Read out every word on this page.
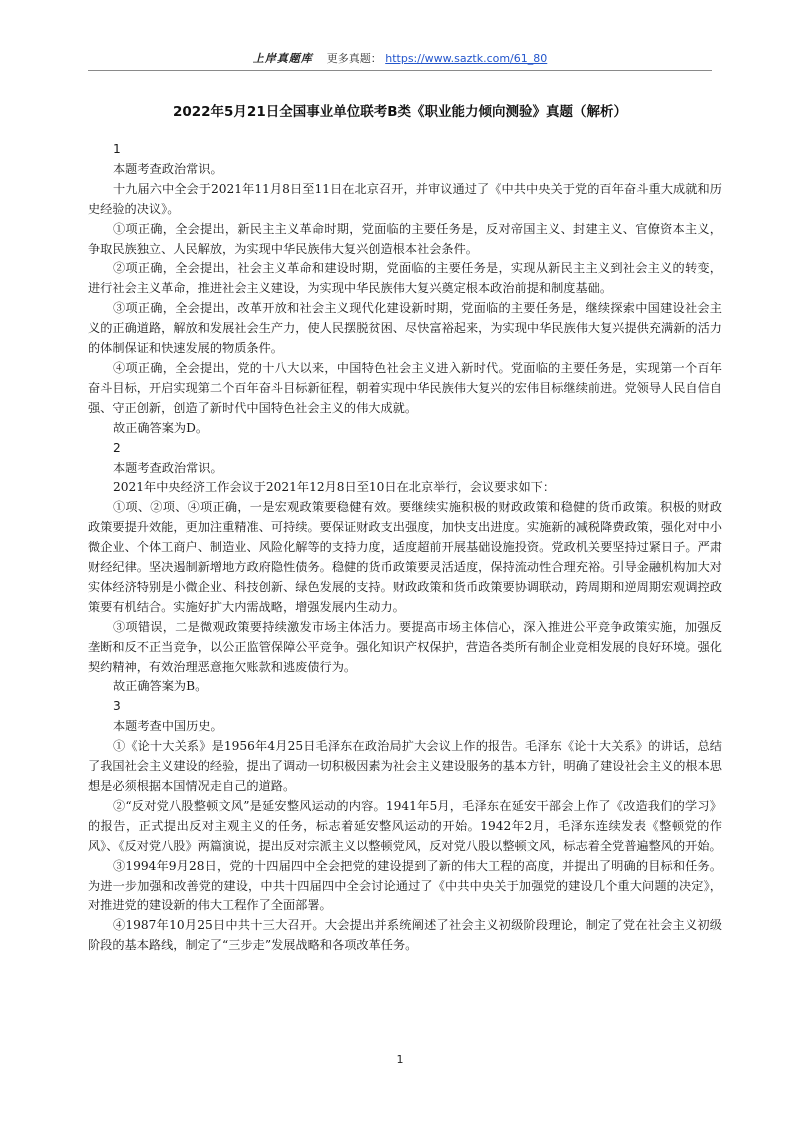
上岸真题库 更多真题： https://www.saztk.com/61_80
2022年5月21日全国事业单位联考B类《职业能力倾向测验》真题（解析）

1

本题考查政治常识。

十九届六中全会于2021年11月8日至11日在北京召开，并审议通过了《中共中央关于党的百年奋斗重大成就和历史经验的决议》。

①项正确，全会提出，新民主主义革命时期，党面临的主要任务是，反对帝国主义、封建主义、官僚资本主义，争取民族独立、人民解放，为实现中华民族伟大复兴创造根本社会条件。

②项正确，全会提出，社会主义革命和建设时期，党面临的主要任务是，实现从新民主主义到社会主义的转变，进行社会主义革命，推进社会主义建设，为实现中华民族伟大复兴奠定根本政治前提和制度基础。

③项正确，全会提出，改革开放和社会主义现代化建设新时期，党面临的主要任务是，继续探索中国建设社会主义的正确道路，解放和发展社会生产力，使人民摆脱贫困、尽快富裕起来，为实现中华民族伟大复兴提供充满新的活力的体制保证和快速发展的物质条件。

④项正确，全会提出，党的十八大以来，中国特色社会主义进入新时代。党面临的主要任务是，实现第一个百年奋斗目标，开启实现第二个百年奋斗目标新征程，朝着实现中华民族伟大复兴的宏伟目标继续前进。党领导人民自信自强、守正创新，创造了新时代中国特色社会主义的伟大成就。

故正确答案为D。

2

本题考查政治常识。

2021年中央经济工作会议于2021年12月8日至10日在北京举行，会议要求如下：

①项、②项、④项正确，一是宏观政策要稳健有效。要继续实施积极的财政政策和稳健的货币政策。积极的财政政策要提升效能，更加注重精准、可持续。要保证财政支出强度，加快支出进度。实施新的减税降费政策，强化对中小微企业、个体工商户、制造业、风险化解等的支持力度，适度超前开展基础设施投资。党政机关要坚持过紧日子。严肃财经纪律。坚决遏制新增地方政府隐性债务。稳健的货币政策要灵活适度，保持流动性合理充裕。引导金融机构加大对实体经济特别是小微企业、科技创新、绿色发展的支持。财政政策和货币政策要协调联动，跨周期和逆周期宏观调控政策要有机结合。实施好扩大内需战略，增强发展内生动力。

③项错误，二是微观政策要持续激发市场主体活力。要提高市场主体信心，深入推进公平竞争政策实施，加强反垄断和反不正当竞争，以公正监管保障公平竞争。强化知识产权保护，营造各类所有制企业竞相发展的良好环境。强化契约精神，有效治理恶意拖欠账款和逃废债行为。

故正确答案为B。

3

本题考查中国历史。

①《论十大关系》是1956年4月25日毛泽东在政治局扩大会议上作的报告。毛泽东《论十大关系》的讲话，总结了我国社会主义建设的经验，提出了调动一切积极因素为社会主义建设服务的基本方针，明确了建设社会主义的根本思想是必须根据本国情况走自己的道路。

②“反对党八股整顿文风”是延安整风运动的内容。1941年5月，毛泽东在延安干部会上作了《改造我们的学习》的报告，正式提出反对主观主义的任务，标志着延安整风运动的开始。1942年2月，毛泽东连续发表《整顿党的作风》、《反对党八股》两篇演说，提出反对宗派主义以整顿党风，反对党八股以整顿文风，标志着全党普遍整风的开始。

③1994年9月28日，党的十四届四中全会把党的建设提到了新的伟大工程的高度，并提出了明确的目标和任务。为进一步加强和改善党的建设，中共十四届四中全会讨论通过了《中共中央关于加强党的建设几个重大问题的决定》，对推进党的建设新的伟大工程作了全面部署。

④1987年10月25日中共十三大召开。大会提出并系统阐述了社会主义初级阶段理论，制定了党在社会主义初级阶段的基本路线，制定了“三步走”发展战略和各项改革任务。

1
